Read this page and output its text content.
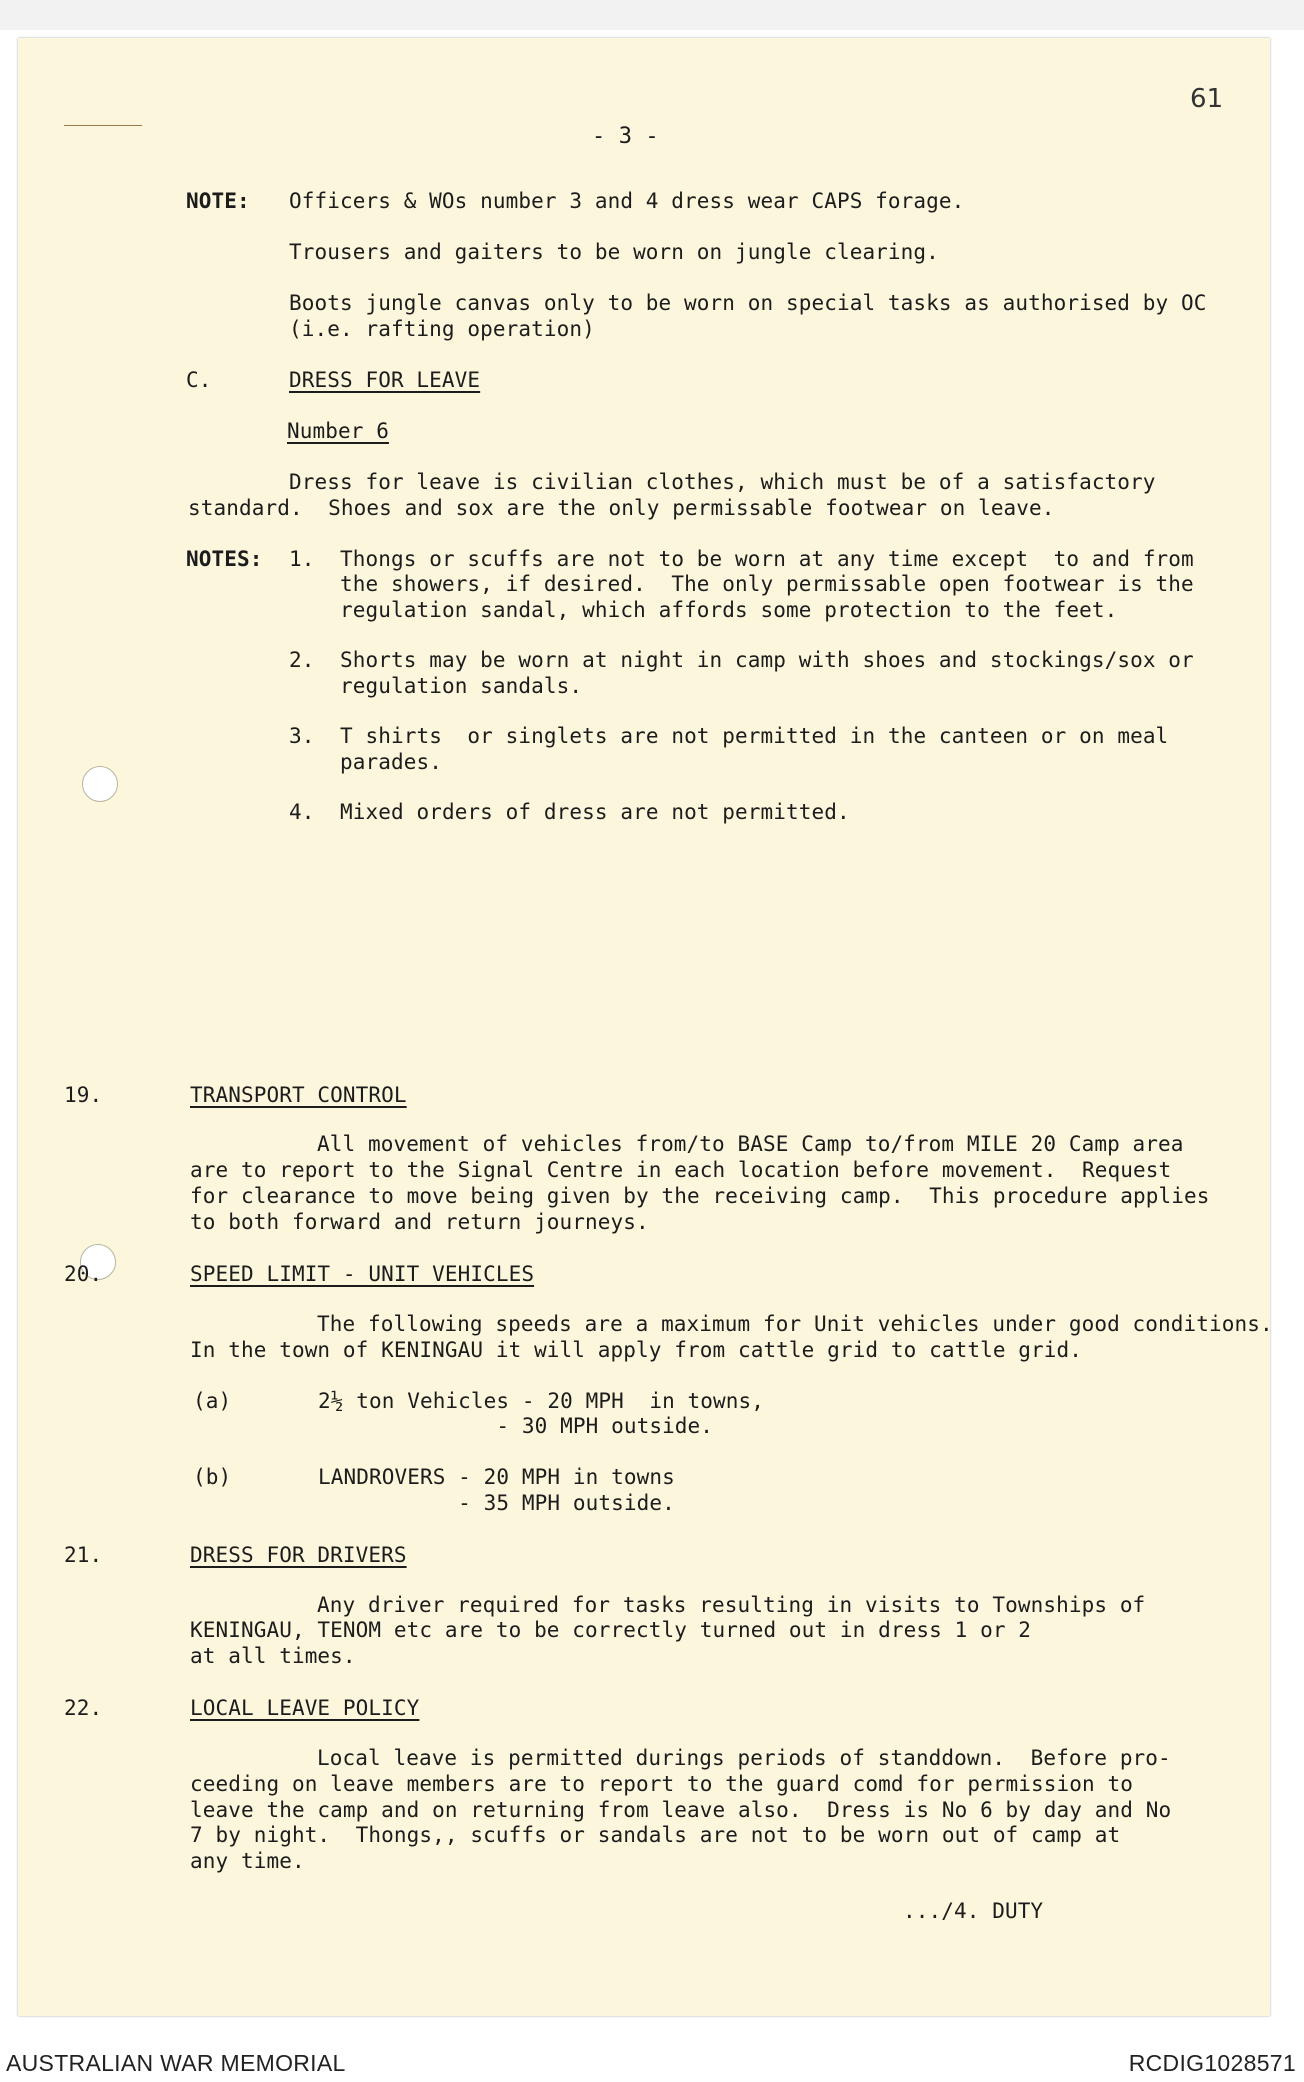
- 3 -
61
NOTE: Officers & WOs number 3 and 4 dress wear CAPS forage.
Trousers and gaiters to be worn on jungle clearing.
Boots jungle canvas only to be worn on special tasks as authorised by OC
(i.e. rafting operation)
C.	DRESS FOR LEAVE
Number 6
Dress for leave is civilian clothes, which must be of a satisfactory
standard.  Shoes and sox are the only permissable footwear on leave.
NOTES: 1. Thongs or scuffs are not to be worn at any time except  to and from
the showers, if desired.  The only permissable open footwear is the
regulation sandal, which affords some protection to the feet.
2. Shorts may be worn at night in camp with shoes and stockings/sox or
regulation sandals.
3. T shirts  or singlets are not permitted in the canteen or on meal
parades.
4. Mixed orders of dress are not permitted.
19.	TRANSPORT CONTROL
All movement of vehicles from/to BASE Camp to/from MILE 20 Camp area
are to report to the Signal Centre in each location before movement.  Request
for clearance to move being given by the receiving camp.  This procedure applies
to both forward and return journeys.
20.	SPEED LIMIT - UNIT VEHICLES
The following speeds are a maximum for Unit vehicles under good conditions.
In the town of KENINGAU it will apply from cattle grid to cattle grid.
(a)	2½ ton Vehicles - 20 MPH  in towns,
- 30 MPH outside.
(b)	LANDROVERS - 20 MPH in towns
- 35 MPH outside.
21.	DRESS FOR DRIVERS
Any driver required for tasks resulting in visits to Townships of
KENINGAU, TENOM etc are to be correctly turned out in dress 1 or 2
at all times.
22.	LOCAL LEAVE POLICY
Local leave is permitted durings periods of standdown.  Before pro-
ceeding on leave members are to report to the guard comd for permission to
leave the camp and on returning from leave also.  Dress is No 6 by day and No
7 by night.  Thongs,, scuffs or sandals are not to be worn out of camp at
any time.
.../4. DUTY
AUSTRALIAN WAR MEMORIAL	RCDIG1028571
